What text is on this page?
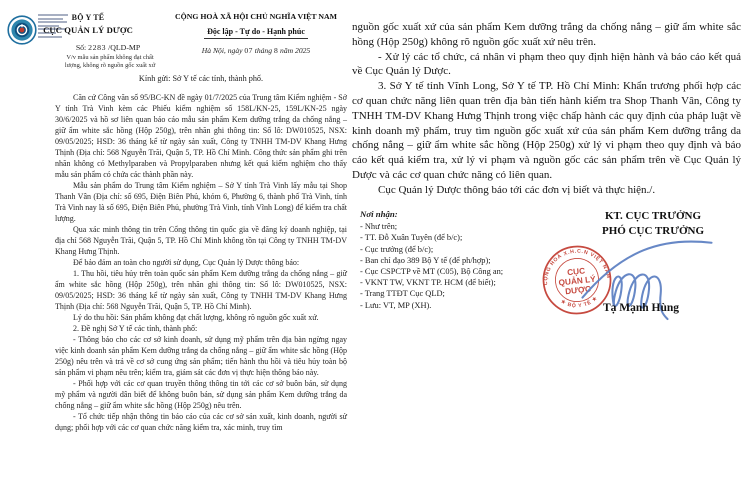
BỘ Y TẾ
CỤC QUẢN LÝ DƯỢC
Số: 2283 /QLD-MP
V/v mẫu sản phẩm không đạt chất
lượng, không rõ nguồn gốc xuất xứ
CỘNG HOÀ XÃ HỘI CHỦ NGHĨA VIỆT NAM
Độc lập - Tự do - Hạnh phúc
Hà Nội, ngày 07 tháng 8 năm 2025
Kính gửi: Sở Y tế các tỉnh, thành phố.
Căn cứ Công văn số 95/BC-KN đề ngày 01/7/2025 của Trung tâm Kiểm nghiệm - Sở Y tỉnh Trà Vinh kèm các Phiếu kiểm nghiệm số 158L/KN-25, 159L/KN-25 ngày 30/6/2025 và hồ sơ liên quan báo cáo mẫu sản phẩm Kem dưỡng trắng da chống nắng – giữ ẩm white sắc hồng (Hộp 250g), trên nhãn ghi thông tin: Số lô: DW010525, NSX: 09/05/2025; HSD: 36 tháng kể từ ngày sản xuất, Công ty TNHH TM-DV Khang Hưng Thịnh (Địa chỉ: 568 Nguyễn Trãi, Quận 5, TP. Hồ Chí Minh. Công thức sản phẩm ghi trên nhãn không có Methylparaben và Propylparaben nhưng kết quả kiểm nghiệm cho thấy mẫu sản phẩm có chứa các thành phần này.
Mẫu sản phẩm do Trung tâm Kiểm nghiệm – Sở Y tỉnh Trà Vinh lấy mẫu tại Shop Thanh Vân (Địa chỉ: số 695, Điện Biên Phủ, khóm 6, Phường 6, thành phố Trà Vinh, tỉnh Trà Vinh nay là số 695, Điện Biên Phủ, phường Trà Vinh, tỉnh Vĩnh Long) để kiểm tra chất lượng.
Qua xác minh thông tin trên Cổng thông tin quốc gia về đăng ký doanh nghiệp, tại địa chỉ 568 Nguyễn Trãi, Quận 5, TP. Hồ Chí Minh không tồn tại Công ty TNHH TM-DV Khang Hưng Thịnh.
Để bảo đảm an toàn cho người sử dụng, Cục Quản lý Dược thông báo:
1. Thu hồi, tiêu hủy trên toàn quốc sản phẩm Kem dưỡng trắng da chống nắng – giữ ẩm white sắc hồng (Hộp 250g), trên nhãn ghi thông tin: Số lô: DW010525, NSX: 09/05/2025; HSD: 36 tháng kể từ ngày sản xuất, Công ty TNHH TM-DV Khang Hưng Thịnh (Địa chỉ: 568 Nguyễn Trãi, Quận 5, TP. Hồ Chí Minh).
Lý do thu hồi: Sản phẩm không đạt chất lượng, không rõ nguồn gốc xuất xứ.
2. Đề nghị Sở Y tế các tỉnh, thành phố:
- Thông báo cho các cơ sở kinh doanh, sử dụng mỹ phẩm trên địa bàn ngừng ngay việc kinh doanh sản phẩm Kem dưỡng trắng da chống nắng – giữ ẩm white sắc hồng (Hộp 250g) nêu trên và trả về cơ sở cung ứng sản phẩm; tiến hành thu hồi và tiêu hủy toàn bộ sản phẩm vi phạm nêu trên; kiểm tra, giám sát các đơn vị thực hiện thông báo này.
- Phối hợp với các cơ quan truyền thông thông tin tới các cơ sở buôn bán, sử dụng mỹ phẩm và người dân biết để không buôn bán, sử dụng sản phẩm Kem dưỡng trắng da chống nắng – giữ ẩm white sắc hồng (Hộp 250g) nêu trên.
- Tổ chức tiếp nhận thông tin báo cáo của các cơ sở sản xuất, kinh doanh, người sử dụng; phối hợp với các cơ quan chức năng kiểm tra, xác minh, truy tìm
nguồn gốc xuất xứ của sản phẩm Kem dưỡng trắng da chống nắng – giữ ẩm white sắc hồng (Hộp 250g) không rõ nguồn gốc xuất xứ nêu trên.
- Xử lý các tổ chức, cá nhân vi phạm theo quy định hiện hành và báo cáo kết quả về Cục Quản lý Dược.
3. Sở Y tế tỉnh Vĩnh Long, Sở Y tế TP. Hồ Chí Minh: Khẩn trương phối hợp các cơ quan chức năng liên quan trên địa bàn tiến hành kiểm tra Shop Thanh Vân, Công ty TNHH TM-DV Khang Hưng Thịnh trong việc chấp hành các quy định của pháp luật về kinh doanh mỹ phẩm, truy tìm nguồn gốc xuất xứ của sản phẩm Kem dưỡng trắng da chống nắng – giữ ẩm white sắc hồng (Hộp 250g) xử lý vi phạm theo quy định và báo cáo kết quả kiểm tra, xử lý vi phạm và nguồn gốc các sản phẩm trên về Cục Quản lý Dược và các cơ quan chức năng có liên quan.
Cục Quản lý Dược thông báo tới các đơn vị biết và thực hiện./.
Nơi nhận:
- Như trên;
- TT. Đỗ Xuân Tuyên (để b/c);
- Cục trưởng (để b/c);
- Ban chỉ đạo 389 Bộ Y tế (để ph/hợp);
- Cục CSPCTP về MT (C05), Bộ Công an;
- VKNT TW, VKNT TP. HCM (để biết);
- Trang TTĐT Cục QLD;
- Lưu: VT, MP (XH).
KT. CỤC TRƯỞNG
PHÓ CỤC TRƯỞNG
CỘNG HOÀ X.H.C.N VIỆT NAM
★ BỘ Y TẾ ★
CỤC
QUẢN LÝ
DƯỢC
Tạ Mạnh Hùng
